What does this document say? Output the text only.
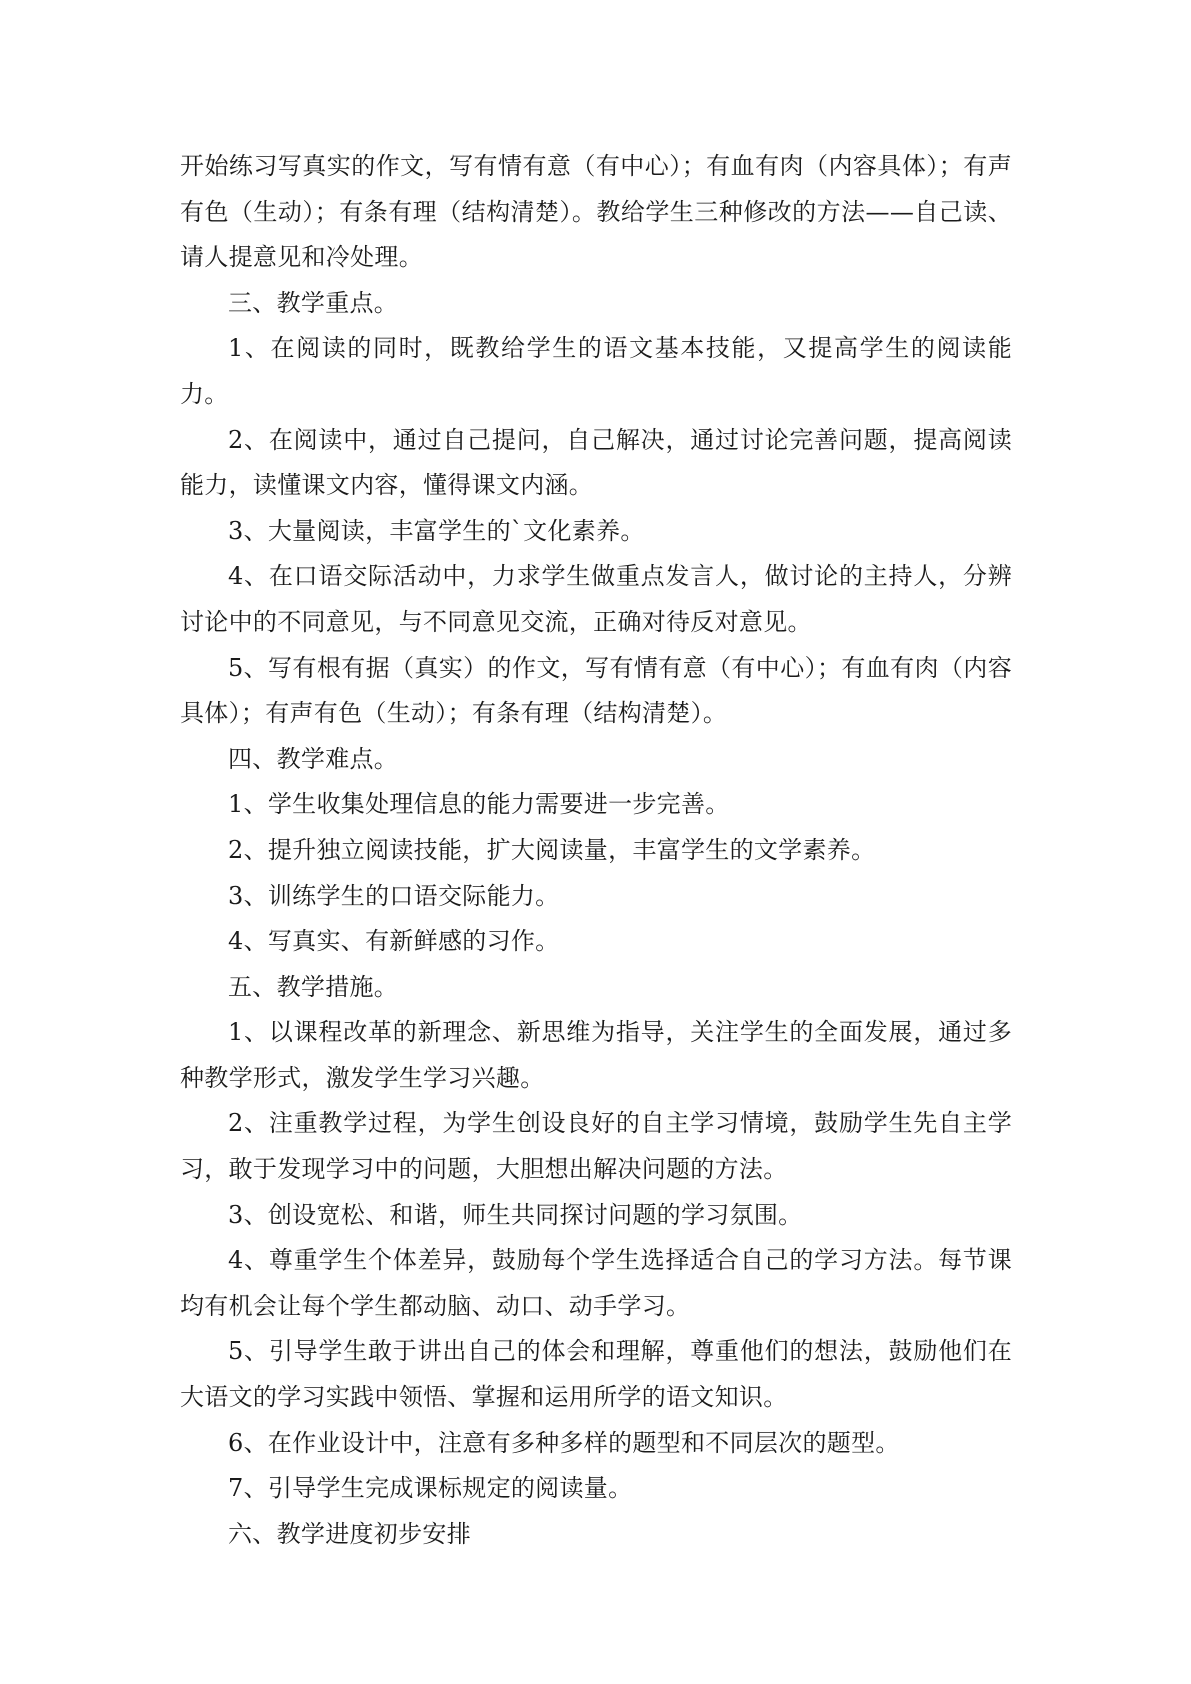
开始练习写真实的作文，写有情有意（有中心）；有血有肉（内容具体）；有声有色（生动）；有条有理（结构清楚）。教给学生三种修改的方法——自己读、请人提意见和冷处理。

三、教学重点。

1、在阅读的同时，既教给学生的语文基本技能，又提高学生的阅读能力。

2、在阅读中，通过自己提问，自己解决，通过讨论完善问题，提高阅读能力，读懂课文内容，懂得课文内涵。

3、大量阅读，丰富学生的`文化素养。

4、在口语交际活动中，力求学生做重点发言人，做讨论的主持人，分辨讨论中的不同意见，与不同意见交流，正确对待反对意见。

5、写有根有据（真实）的作文，写有情有意（有中心）；有血有肉（内容具体）；有声有色（生动）；有条有理（结构清楚）。

四、教学难点。

1、学生收集处理信息的能力需要进一步完善。

2、提升独立阅读技能，扩大阅读量，丰富学生的文学素养。

3、训练学生的口语交际能力。

4、写真实、有新鲜感的习作。

五、教学措施。

1、以课程改革的新理念、新思维为指导，关注学生的全面发展，通过多种教学形式，激发学生学习兴趣。

2、注重教学过程，为学生创设良好的自主学习情境，鼓励学生先自主学习，敢于发现学习中的问题，大胆想出解决问题的方法。

3、创设宽松、和谐，师生共同探讨问题的学习氛围。

4、尊重学生个体差异，鼓励每个学生选择适合自己的学习方法。每节课均有机会让每个学生都动脑、动口、动手学习。

5、引导学生敢于讲出自己的体会和理解，尊重他们的想法，鼓励他们在大语文的学习实践中领悟、掌握和运用所学的语文知识。

6、在作业设计中，注意有多种多样的题型和不同层次的题型。

7、引导学生完成课标规定的阅读量。

六、教学进度初步安排
